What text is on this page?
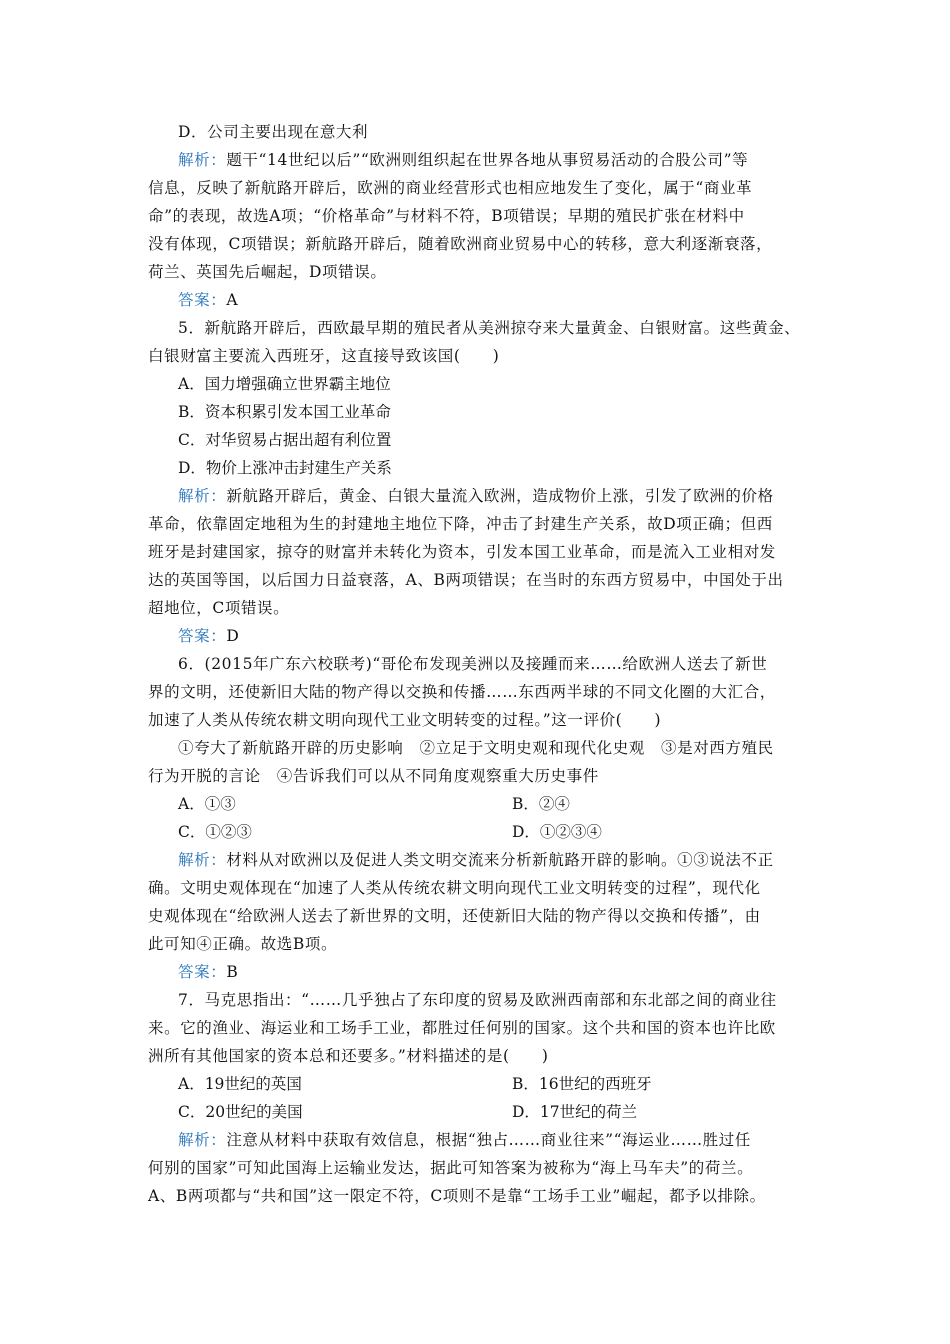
D．公司主要出现在意大利
解析：题干“14世纪以后”“欧洲则组织起在世界各地从事贸易活动的合股公司”等
信息，反映了新航路开辟后，欧洲的商业经营形式也相应地发生了变化，属于“商业革
命”的表现，故选A项；“价格革命”与材料不符，B项错误；早期的殖民扩张在材料中
没有体现，C项错误；新航路开辟后，随着欧洲商业贸易中心的转移，意大利逐渐衰落，
荷兰、英国先后崛起，D项错误。
答案：A
5．新航路开辟后，西欧最早期的殖民者从美洲掠夺来大量黄金、白银财富。这些黄金、
白银财富主要流入西班牙，这直接导致该国(　　)
A．国力增强确立世界霸主地位
B．资本积累引发本国工业革命
C．对华贸易占据出超有利位置
D．物价上涨冲击封建生产关系
解析：新航路开辟后，黄金、白银大量流入欧洲，造成物价上涨，引发了欧洲的价格
革命，依靠固定地租为生的封建地主地位下降，冲击了封建生产关系，故D项正确；但西
班牙是封建国家，掠夺的财富并未转化为资本，引发本国工业革命，而是流入工业相对发
达的英国等国，以后国力日益衰落，A、B两项错误；在当时的东西方贸易中，中国处于出
超地位，C项错误。
答案：D
6．(2015年广东六校联考)“哥伦布发现美洲以及接踵而来……给欧洲人送去了新世
界的文明，还使新旧大陆的物产得以交换和传播……东西两半球的不同文化圈的大汇合，
加速了人类从传统农耕文明向现代工业文明转变的过程。”这一评价(　　)
①夸大了新航路开辟的历史影响　②立足于文明史观和现代化史观　③是对西方殖民
行为开脱的言论　④告诉我们可以从不同角度观察重大历史事件
A．①③	B．②④
C．①②③	D．①②③④
解析：材料从对欧洲以及促进人类文明交流来分析新航路开辟的影响。①③说法不正
确。文明史观体现在“加速了人类从传统农耕文明向现代工业文明转变的过程”，现代化
史观体现在“给欧洲人送去了新世界的文明，还使新旧大陆的物产得以交换和传播”，由
此可知④正确。故选B项。
答案：B
7．马克思指出：“……几乎独占了东印度的贸易及欧洲西南部和东北部之间的商业往
来。它的渔业、海运业和工场手工业，都胜过任何别的国家。这个共和国的资本也许比欧
洲所有其他国家的资本总和还要多。”材料描述的是(　　)
A．19世纪的英国	B．16世纪的西班牙
C．20世纪的美国	D．17世纪的荷兰
解析：注意从材料中获取有效信息，根据“独占……商业往来”“海运业……胜过任
何别的国家”可知此国海上运输业发达，据此可知答案为被称为“海上马车夫”的荷兰。
A、B两项都与“共和国”这一限定不符，C项则不是靠“工场手工业”崛起，都予以排除。
